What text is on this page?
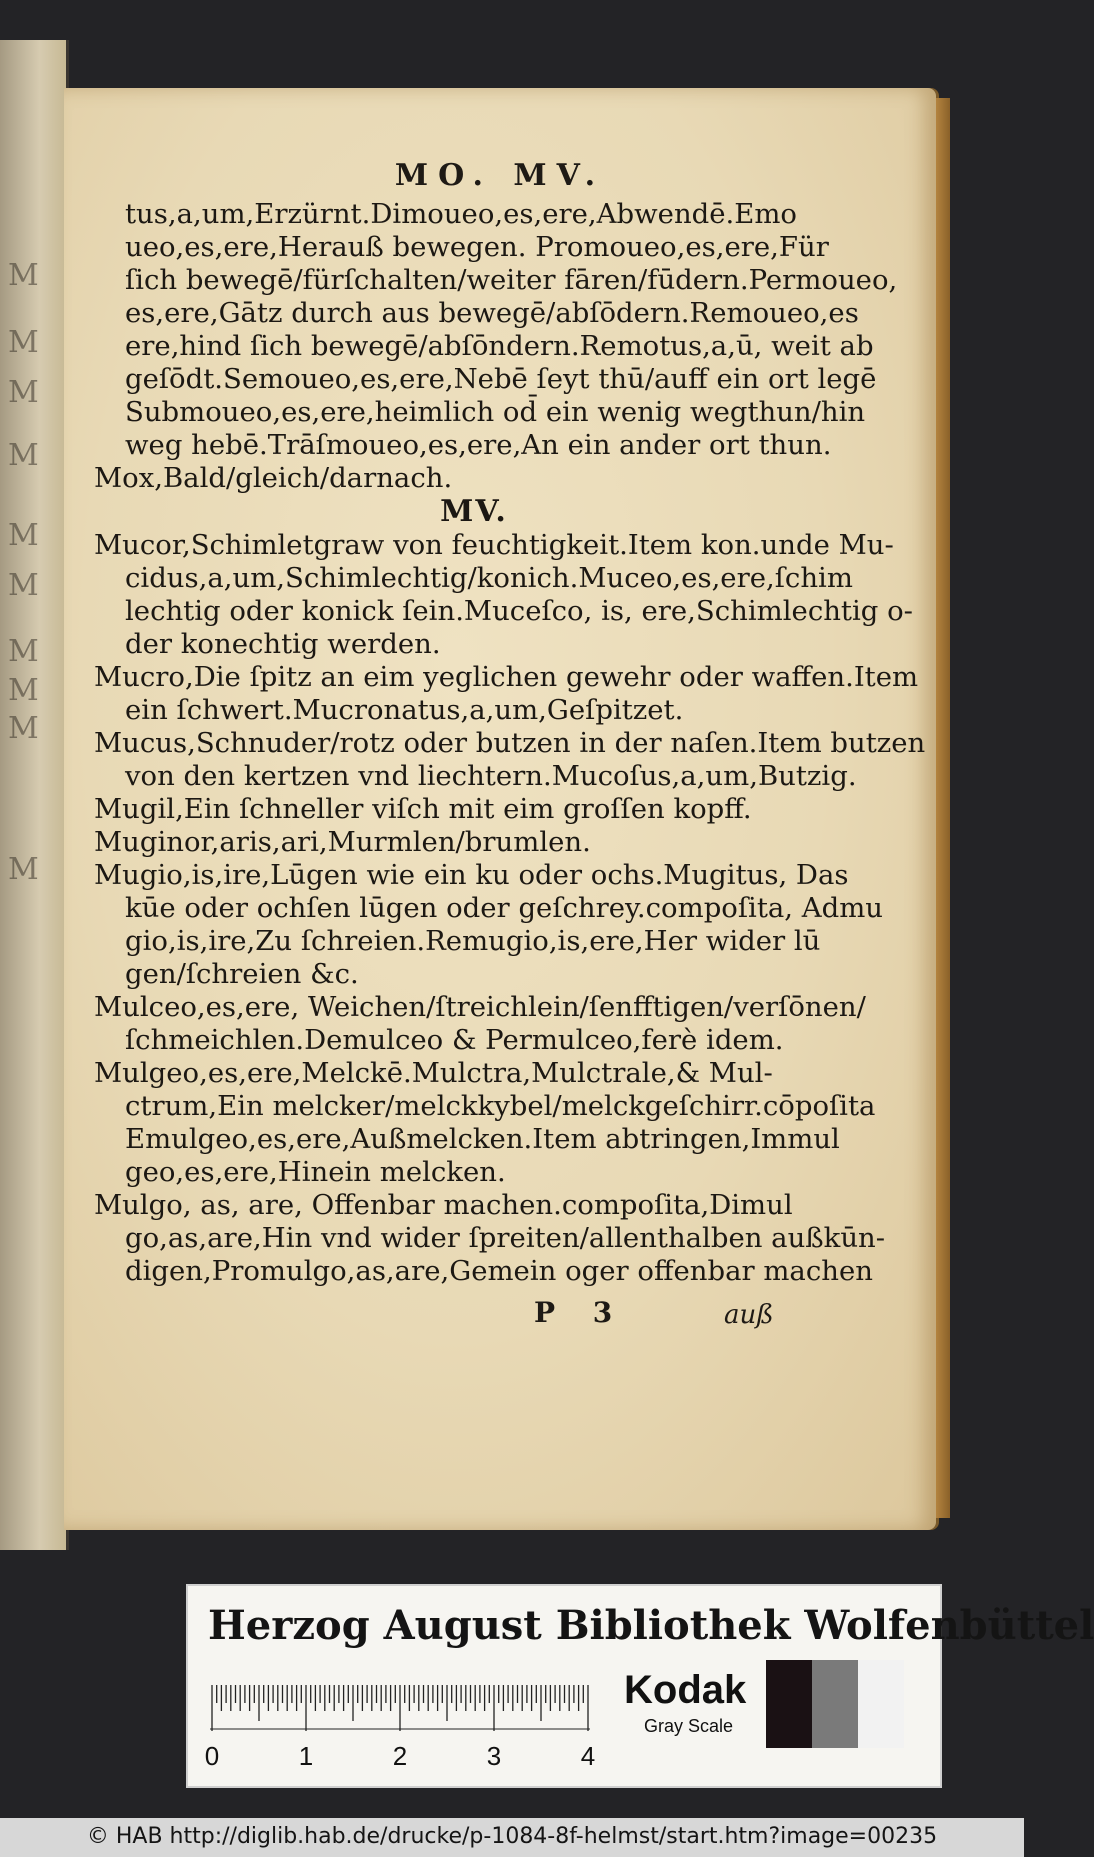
M
M
M
M
M
M
M
M
M
M
MO. MV.
tus,a,um,Erzürnt.Dimoueo,es,ere,Abwendē.Emo
ueo,es,ere,Herauß bewegen. Promoueo,es,ere,Für
ſich bewegē/fürſchalten/weiter fāren/fūdern.Permoueo,
es,ere,Gātz durch aus bewegē/abſōdern.Remoueo,es
ere,hind ſich bewegē/abſōndern.Remotus,a,ū, weit ab
geſōdt.Semoueo,es,ere,Nebē ſeyt thū/auff ein ort legē
Submoueo,es,ere,heimlich od̄ ein wenig wegthun/hin
weg hebē.Trāſmoueo,es,ere,An ein ander ort thun.
Mox,Bald/gleich/darnach.
MV.
Mucor,Schimletgraw von feuchtigkeit.Item kon.unde Mu-
cidus,a,um,Schimlechtig/konich.Muceo,es,ere,ſchim
lechtig oder konick ſein.Muceſco, is, ere,Schimlechtig o-
der konechtig werden.
Mucro,Die ſpitz an eim yeglichen gewehr oder waffen.Item
ein ſchwert.Mucronatus,a,um,Geſpitzet.
Mucus,Schnuder/rotz oder butzen in der naſen.Item butzen
von den kertzen vnd liechtern.Mucoſus,a,um,Butzig.
Mugil,Ein ſchneller viſch mit eim groſſen kopff.
Muginor,aris,ari,Murmlen/brumlen.
Mugio,is,ire,Lūgen wie ein ku oder ochs.Mugitus, Das
kūe oder ochſen lūgen oder geſchrey.compoſita, Admu
gio,is,ire,Zu ſchreien.Remugio,is,ere,Her wider lū
gen/ſchreien &c.
Mulceo,es,ere, Weichen/ſtreichlein/ſenfftigen/verſōnen/
ſchmeichlen.Demulceo & Permulceo,ferè idem.
Mulgeo,es,ere,Melckē.Mulctra,Mulctrale,& Mul-
ctrum,Ein melcker/melckkybel/melckgeſchirr.cōpoſita
Emulgeo,es,ere,Außmelcken.Item abtringen,Immul
geo,es,ere,Hinein melcken.
Mulgo, as, are, Offenbar machen.compoſita,Dimul
go,as,are,Hin vnd wider ſpreiten/allenthalben außkūn-
digen,Promulgo,as,are,Gemein oger offenbar machen
P 3	auß
Herzog August Bibliothek Wolfenbüttel
0	1	2	3	4
Kodak
Gray Scale
© HAB http://diglib.hab.de/drucke/p-1084-8f-helmst/start.htm?image=00235
